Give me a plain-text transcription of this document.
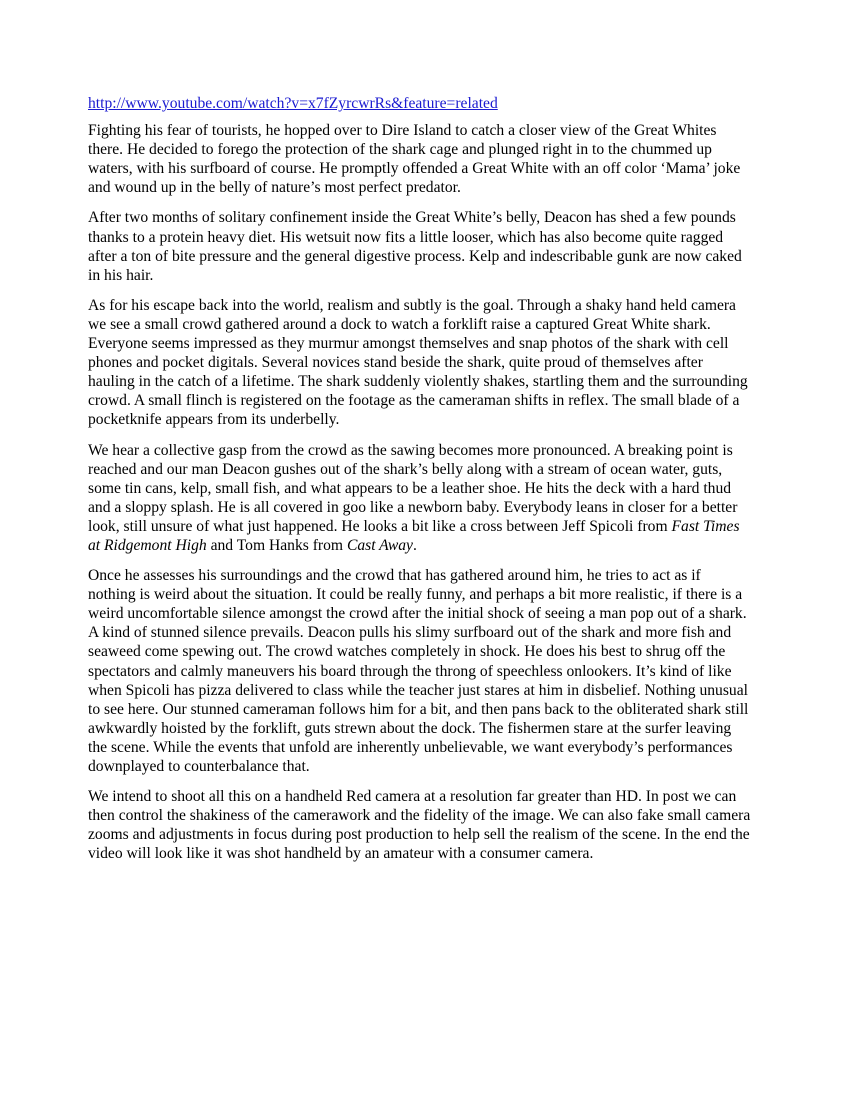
http://www.youtube.com/watch?v=x7fZyrcwrRs&feature=related

Fighting his fear of tourists, he hopped over to Dire Island to catch a closer view of the Great Whites there. He decided to forego the protection of the shark cage and plunged right in to the chummed up waters, with his surfboard of course. He promptly offended a Great White with an off color ‘Mama’ joke and wound up in the belly of nature’s most perfect predator.

After two months of solitary confinement inside the Great White’s belly, Deacon has shed a few pounds thanks to a protein heavy diet. His wetsuit now fits a little looser, which has also become quite ragged after a ton of bite pressure and the general digestive process. Kelp and indescribable gunk are now caked in his hair.

As for his escape back into the world, realism and subtly is the goal. Through a shaky hand held camera we see a small crowd gathered around a dock to watch a forklift raise a captured Great White shark. Everyone seems impressed as they murmur amongst themselves and snap photos of the shark with cell phones and pocket digitals. Several novices stand beside the shark, quite proud of themselves after hauling in the catch of a lifetime. The shark suddenly violently shakes, startling them and the surrounding crowd. A small flinch is registered on the footage as the cameraman shifts in reflex. The small blade of a pocketknife appears from its underbelly.

We hear a collective gasp from the crowd as the sawing becomes more pronounced. A breaking point is reached and our man Deacon gushes out of the shark’s belly along with a stream of ocean water, guts, some tin cans, kelp, small fish, and what appears to be a leather shoe. He hits the deck with a hard thud and a sloppy splash. He is all covered in goo like a newborn baby. Everybody leans in closer for a better look, still unsure of what just happened. He looks a bit like a cross between Jeff Spicoli from Fast Times at Ridgemont High and Tom Hanks from Cast Away.

Once he assesses his surroundings and the crowd that has gathered around him, he tries to act as if nothing is weird about the situation. It could be really funny, and perhaps a bit more realistic, if there is a weird uncomfortable silence amongst the crowd after the initial shock of seeing a man pop out of a shark. A kind of stunned silence prevails. Deacon pulls his slimy surfboard out of the shark and more fish and seaweed come spewing out. The crowd watches completely in shock. He does his best to shrug off the spectators and calmly maneuvers his board through the throng of speechless onlookers. It’s kind of like when Spicoli has pizza delivered to class while the teacher just stares at him in disbelief. Nothing unusual to see here. Our stunned cameraman follows him for a bit, and then pans back to the obliterated shark still awkwardly hoisted by the forklift, guts strewn about the dock. The fishermen stare at the surfer leaving the scene. While the events that unfold are inherently unbelievable, we want everybody’s performances downplayed to counterbalance that.

We intend to shoot all this on a handheld Red camera at a resolution far greater than HD. In post we can then control the shakiness of the camerawork and the fidelity of the image. We can also fake small camera zooms and adjustments in focus during post production to help sell the realism of the scene. In the end the video will look like it was shot handheld by an amateur with a consumer camera.
